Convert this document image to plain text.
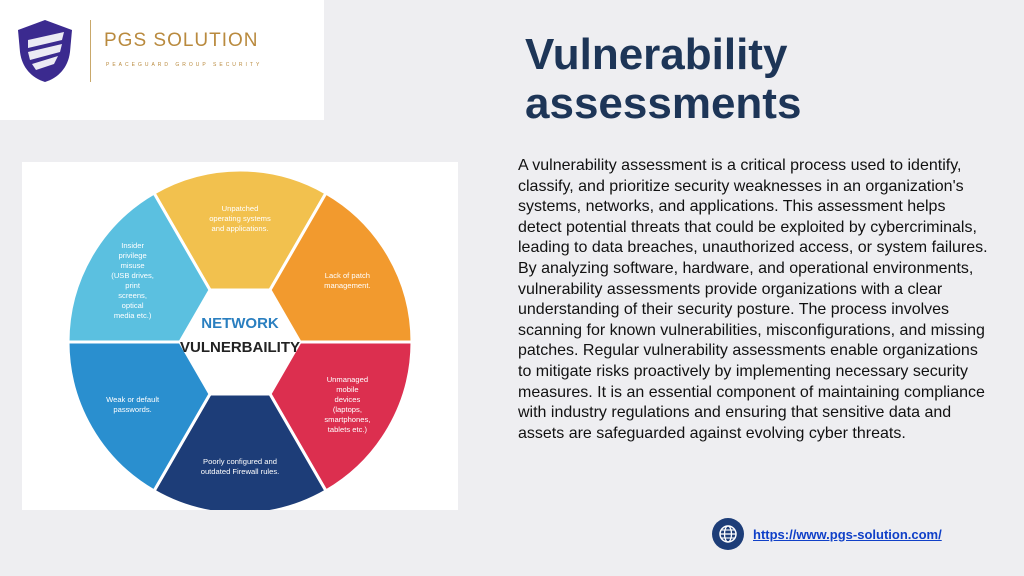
PGS SOLUTION
PEACEGUARD GROUP SECURITY	Vulnerability assessments
NETWORK
VULNERBAILITY
Unpatched
operating systems
and applications.
Lack of patch
management.
Unmanaged
mobile
devices
(laptops,
smartphones,
tablets etc.)
Poorly configured and
outdated Firewall rules.
Weak or default
passwords.
Insider
privilege
misuse
(USB drives,
print
screens,
optical
media etc.)

A vulnerability assessment is a critical process used to identify, classify, and prioritize security weaknesses in an organization's systems, networks, and applications. This assessment helps detect potential threats that could be exploited by cybercriminals, leading to data breaches, unauthorized access, or system failures. By analyzing software, hardware, and operational environments, vulnerability assessments provide organizations with a clear understanding of their security posture. The process involves scanning for known vulnerabilities, misconfigurations, and missing patches. Regular vulnerability assessments enable organizations to mitigate risks proactively by implementing necessary security measures. It is an essential component of maintaining compliance with industry regulations and ensuring that sensitive data and assets are safeguarded against evolving cyber threats.

https://www.pgs-solution.com/
